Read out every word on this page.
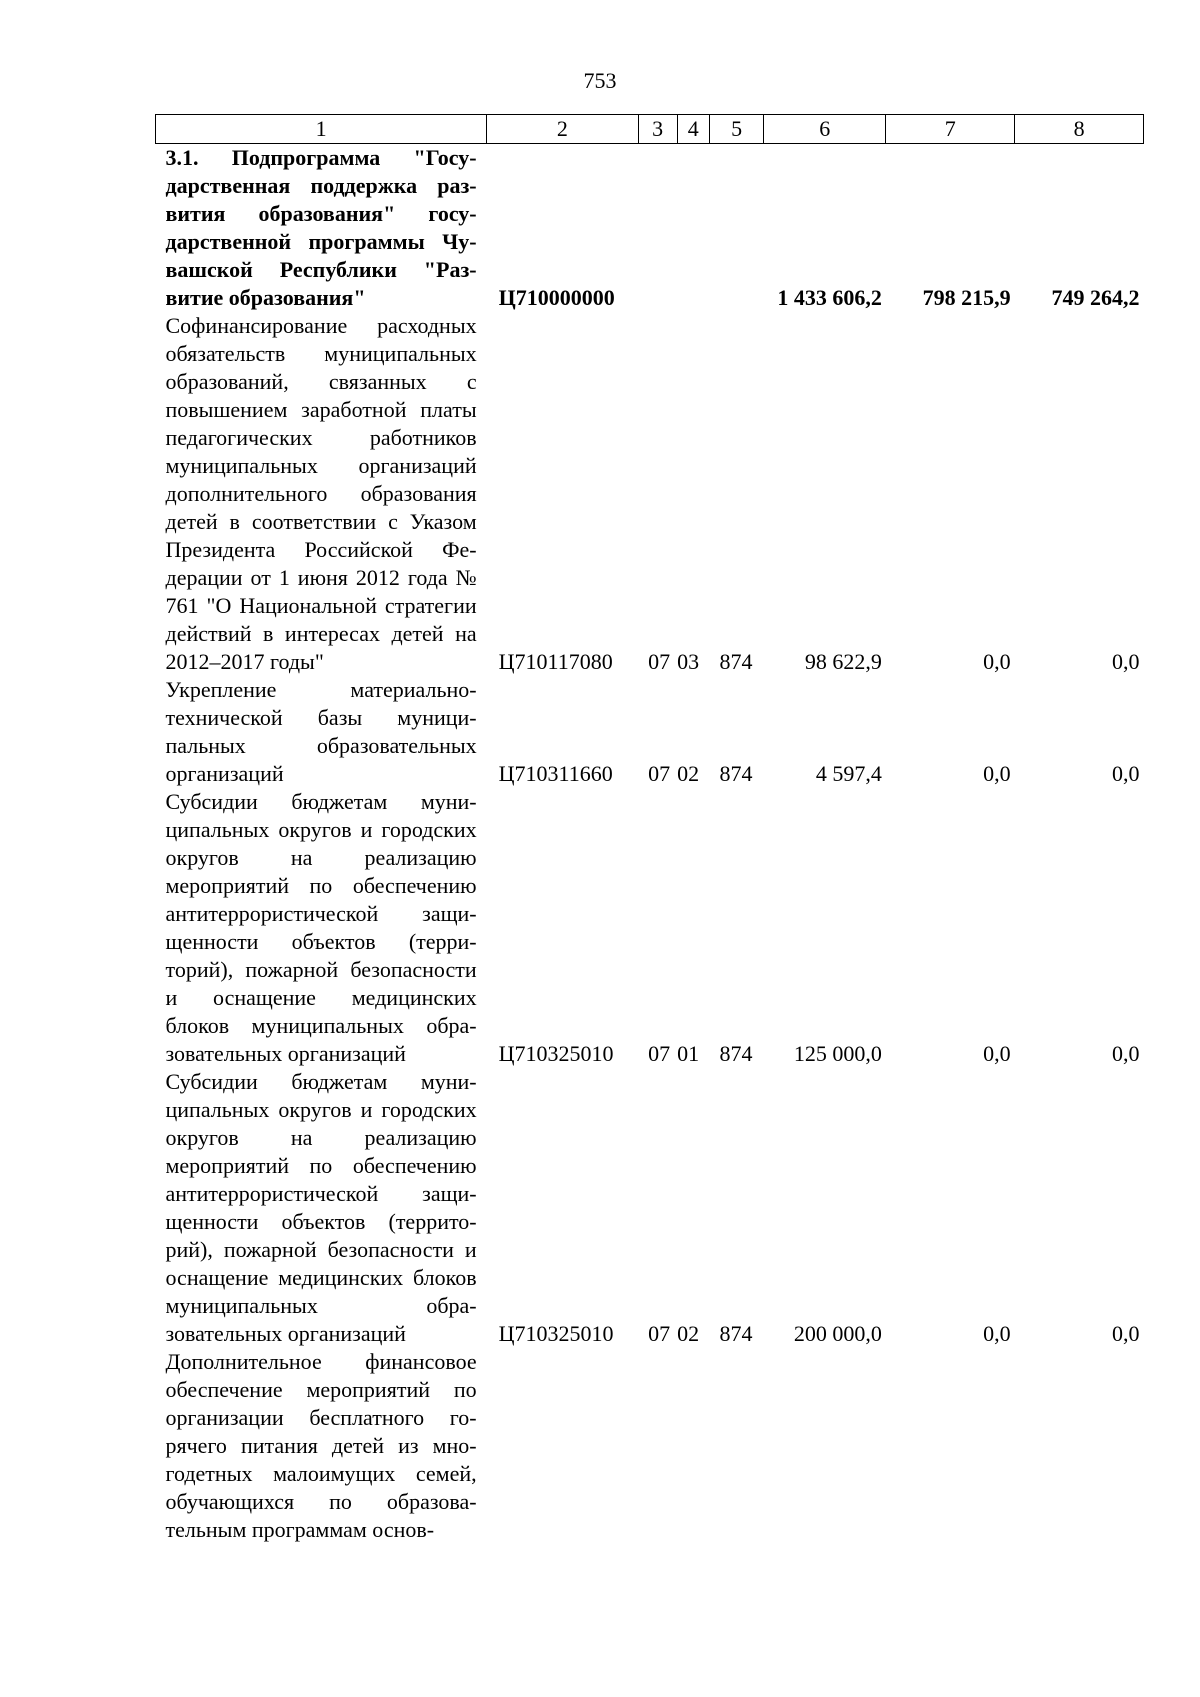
753
1	2	3	4	5	6	7	8
3.1. Подпрограмма "Государственная поддержка развития образования" государственной программы Чувашской Республики "Развитие образования"	Ц710000000				1 433 606,2	798 215,9	749 264,2
Софинансирование расходных обязательств муниципальных образований, связанных с повышением заработной платы педагогических работников муниципальных организаций дополнительного образования детей в соответствии с Указом Президента Российской Федерации от 1 июня 2012 года № 761 "О Национальной стратегии действий в интересах детей на 2012–2017 годы"	Ц710117080	07	03	874	98 622,9	0,0	0,0
Укрепление материально-технической базы муниципальных образовательных организаций	Ц710311660	07	02	874	4 597,4	0,0	0,0
Субсидии бюджетам муниципальных округов и городских округов на реализацию мероприятий по обеспечению антитеррористической защищенности объектов (территорий), пожарной безопасности и оснащение медицинских блоков муниципальных образовательных организаций	Ц710325010	07	01	874	125 000,0	0,0	0,0
Субсидии бюджетам муниципальных округов и городских округов на реализацию мероприятий по обеспечению антитеррористической защищенности объектов (территорий), пожарной безопасности и оснащение медицинских блоков муниципальных образовательных организаций	Ц710325010	07	02	874	200 000,0	0,0	0,0
Дополнительное финансовое обеспечение мероприятий по организации бесплатного горячего питания детей из многодетных малоимущих семей, обучающихся по образовательным программам основ-							
